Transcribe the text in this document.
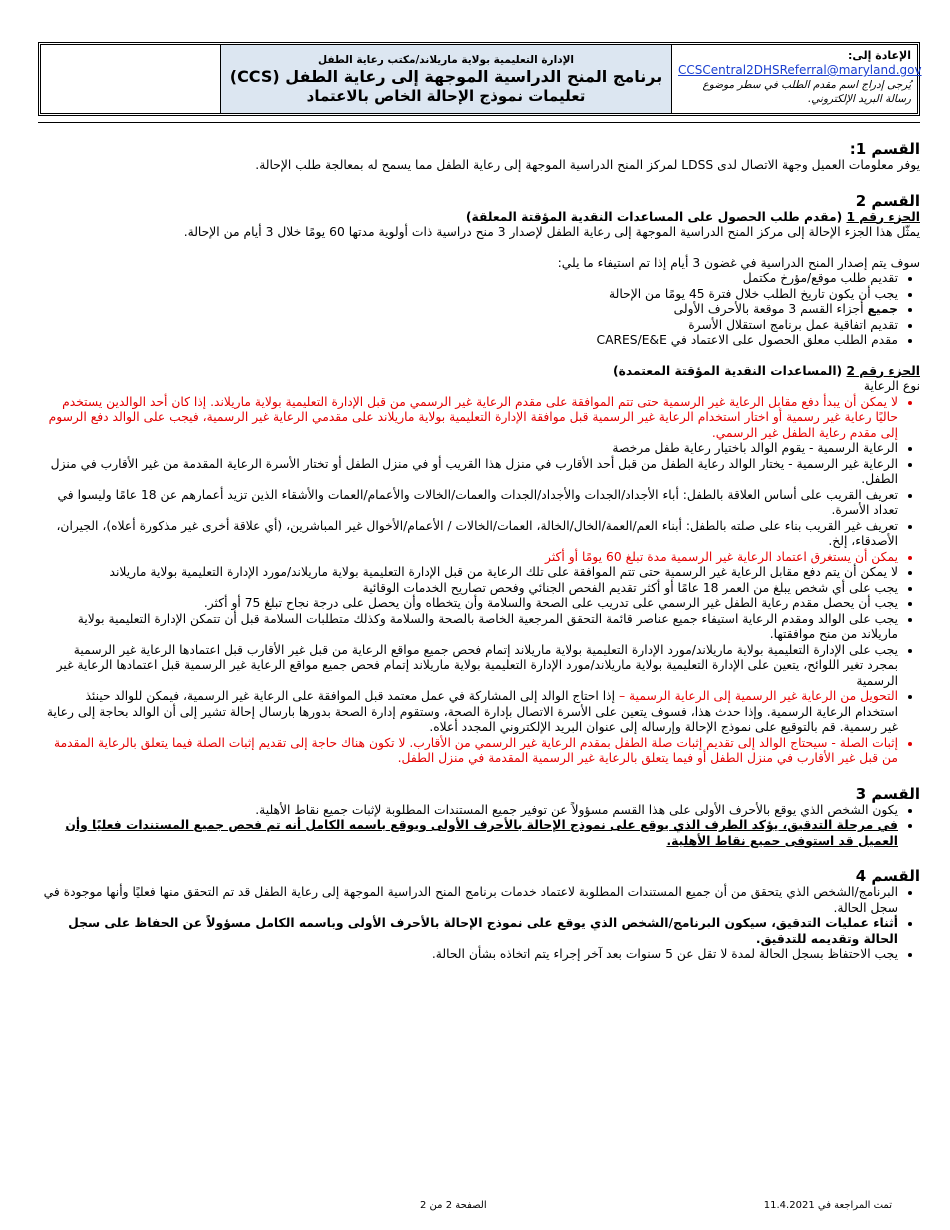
الإدارة التعليمية بولاية ماريلاند/مكتب رعاية الطفل
برنامج المنح الدراسية الموجهة إلى رعاية الطفل (CCS)
تعليمات نموذج الإحالة الخاص بالاعتماد
الإعادة إلى:
CCSCentral2DHSReferral@maryland.gov
يُرجى إدراج اسم مقدم الطلب في سطر موضوع رسالة البريد الإلكتروني.
القسم 1:

يوفر معلومات العميل وجهة الاتصال لدى LDSS لمركز المنح الدراسية الموجهة إلى رعاية الطفل مما يسمح له بمعالجة طلب الإحالة.

القسم 2

الجزء رقم 1 (مقدم طلب الحصول على المساعدات النقدية المؤقتة المعلقة)

يمثّل هذا الجزء الإحالة إلى مركز المنح الدراسية الموجهة إلى رعاية الطفل لإصدار 3 منح دراسية ذات أولوية مدتها 60 يومًا خلال 3 أيام من الإحالة.

سوف يتم إصدار المنح الدراسية في غضون 3 أيام إذا تم استيفاء ما يلي:

• تقديم طلب موقع/مؤرخ مكتمل
• يجب أن يكون تاريخ الطلب خلال فترة 45 يومًا من الإحالة
• جميع أجزاء القسم 3 موقعة بالأحرف الأولى
• تقديم اتفاقية عمل برنامج استقلال الأسرة
• مقدم الطلب معلق الحصول على الاعتماد في CARES/E&E

الجزء رقم 2 (المساعدات النقدية المؤقتة المعتمدة)

نوع الرعاية

• لا يمكن أن يبدأ دفع مقابل الرعاية غير الرسمية حتى تتم الموافقة على مقدم الرعاية غير الرسمي من قبل الإدارة التعليمية بولاية ماريلاند. إذا كان أحد الوالدين يستخدم حاليًا رعاية غير رسمية أو اختار استخدام الرعاية غير الرسمية قبل موافقة الإدارة التعليمية بولاية ماريلاند على مقدمي الرعاية غير الرسمية، فيجب على الوالد دفع الرسوم إلى مقدم رعاية الطفل غير الرسمي.
• الرعاية الرسمية - يقوم الوالد باختيار رعاية طفل مرخصة
• الرعاية غير الرسمية - يختار الوالد رعاية الطفل من قبل أحد الأقارب في منزل هذا القريب أو في منزل الطفل أو تختار الأسرة الرعاية المقدمة من غير الأقارب في منزل الطفل.
• تعريف القريب على أساس العلاقة بالطفل: أباء الأجداد/الجدات والأجداد/الجدات والعمات/الخالات والأعمام/العمات والأشقاء الذين تزيد أعمارهم عن 18 عامًا وليسوا في تعداد الأسرة.
• تعريف غير القريب بناء على صلته بالطفل: أبناء العم/العمة/الخال/الخالة، العمات/الخالات / الأعمام/الأخوال غير المباشرين، (أي علاقة أخرى غير مذكورة أعلاه)، الجيران، الأصدقاء، إلخ.
• يمكن أن يستغرق اعتماد الرعاية غير الرسمية مدة تبلغ 60 يومًا أو أكثر
• لا يمكن أن يتم دفع مقابل الرعاية غير الرسمية حتى تتم الموافقة على تلك الرعاية من قبل الإدارة التعليمية بولاية ماريلاند/مورد الإدارة التعليمية بولاية ماريلاند
• يجب على أي شخص يبلغ من العمر 18 عامًا أو أكثر تقديم الفحص الجنائي وفحص تصاريح الخدمات الوقائية
• يجب أن يحصل مقدم رعاية الطفل غير الرسمي على تدريب على الصحة والسلامة وأن يتخطاه وأن يحصل على درجة نجاح تبلغ 75 أو أكثر.
• يجب على الوالد ومقدم الرعاية استيفاء جميع عناصر قائمة التحقق المرجعية الخاصة بالصحة والسلامة وكذلك متطلبات السلامة قبل أن تتمكن الإدارة التعليمية بولاية ماريلاند من منح موافقتها.
• يجب على الإدارة التعليمية بولاية ماريلاند/مورد الإدارة التعليمية بولاية ماريلاند إتمام فحص جميع مواقع الرعاية من قبل غير الأقارب قبل اعتمادها الرعاية غير الرسمية بمجرد تغير اللوائح، يتعين على الإدارة التعليمية بولاية ماريلاند/مورد الإدارة التعليمية بولاية ماريلاند إتمام فحص جميع مواقع الرعاية غير الرسمية قبل اعتمادها الرعاية غير الرسمية
• التحويل من الرعاية غير الرسمية إلى الرعاية الرسمية – إذا احتاج الوالد إلى المشاركة في عمل معتمد قبل الموافقة على الرعاية غير الرسمية، فيمكن للوالد حينئذ استخدام الرعاية الرسمية. وإذا حدث هذا، فسوف يتعين على الأسرة الاتصال بإدارة الصحة، وستقوم إدارة الصحة بدورها بارسال إحالة تشير إلى أن الوالد بحاجة إلى رعاية غير رسمية. قم بالتوقيع على نموذج الإحالة وإرساله إلى عنوان البريد الإلكتروني المجدد أعلاه.
• إثبات الصلة - سيحتاج الوالد إلى تقديم إثبات صلة الطفل بمقدم الرعاية غير الرسمي من الأقارب. لا تكون هناك حاجة إلى تقديم إثبات الصلة فيما يتعلق بالرعاية المقدمة من قبل غير الأقارب في منزل الطفل أو فيما يتعلق بالرعاية غير الرسمية المقدمة في منزل الطفل.
القسم 3
• يكون الشخص الذي يوقع بالأحرف الأولى على هذا القسم مسؤولاً عن توفير جميع المستندات المطلوبة لإثبات جميع نقاط الأهلية.
• في مرحلة التدقيق، يؤكد الطرف الذي يوقع على نموذج الإحالة بالأحرف الأولى ويوقع باسمه الكامل أنه تم فحص جميع المستندات فعليًا وأن العميل قد استوفى جميع نقاط الأهلية.
القسم 4
• البرنامج/الشخص الذي يتحقق من أن جميع المستندات المطلوبة لاعتماد خدمات برنامج المنح الدراسية الموجهة إلى رعاية الطفل قد تم التحقق منها فعليًا وأنها موجودة في سجل الحالة.
• أثناء عمليات التدقيق، سيكون البرنامج/الشخص الذي يوقع على نموذج الإحالة بالأحرف الأولى وباسمه الكامل مسؤولاً عن الحفاظ على سجل الحالة وتقديمه للتدقيق.
• يجب الاحتفاظ بسجل الحالة لمدة لا تقل عن 5 سنوات بعد آخر إجراء يتم اتخاذه بشأن الحالة.
تمت المراجعة في 11.4.2021
الصفحة 2 من 2
